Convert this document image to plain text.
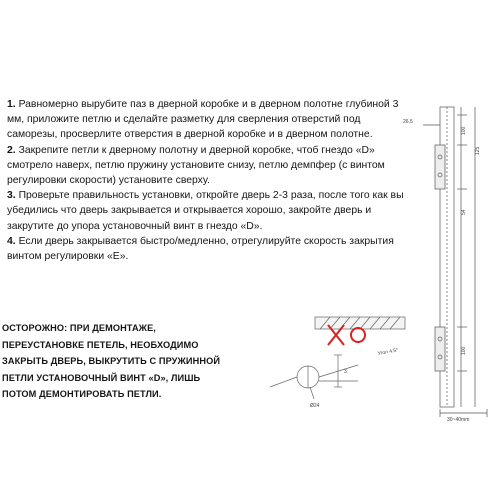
1. Равномерно вырубите паз в дверной коробке и в дверном полотне глубиной 3 мм, приложите петлю и сделайте разметку для сверления отверстий под саморезы, просверлите отверстия в дверной коробке и в дверном полотне.

2. Закрепите петли к дверному полотну и дверной коробке, чтоб гнездо «D» смотрело наверх, петлю пружину установите снизу, петлю демпфер (с винтом регулировки скорости) установите сверху.

3. Проверьте правильность установки, откройте дверь 2-3 раза, после того как вы убедились что дверь закрывается и открывается хорошо, закройте дверь и закрутите до упора установочный винт в гнездо «D».

4. Если дверь закрывается быстро/медленно, отрегулируйте скорость закрытия винтом регулировки «Е».

ОСТОРОЖНО: ПРИ ДЕМОНТАЖЕ,
ПЕРЕУСТАНОВКЕ ПЕТЕЛЬ, НЕОБХОДИМО
ЗАКРЫТЬ ДВЕРЬ, ВЫКРУТИТЬ С ПРУЖИННОЙ
ПЕТЛИ УСТАНОВОЧНЫЙ ВИНТ «D», ЛИШЬ
ПОТОМ ДЕМОНТИРОВАТЬ ПЕТЛИ.
26.5
100
125
54
100
30~40mm
3
Ø24
Угол 4.5°
